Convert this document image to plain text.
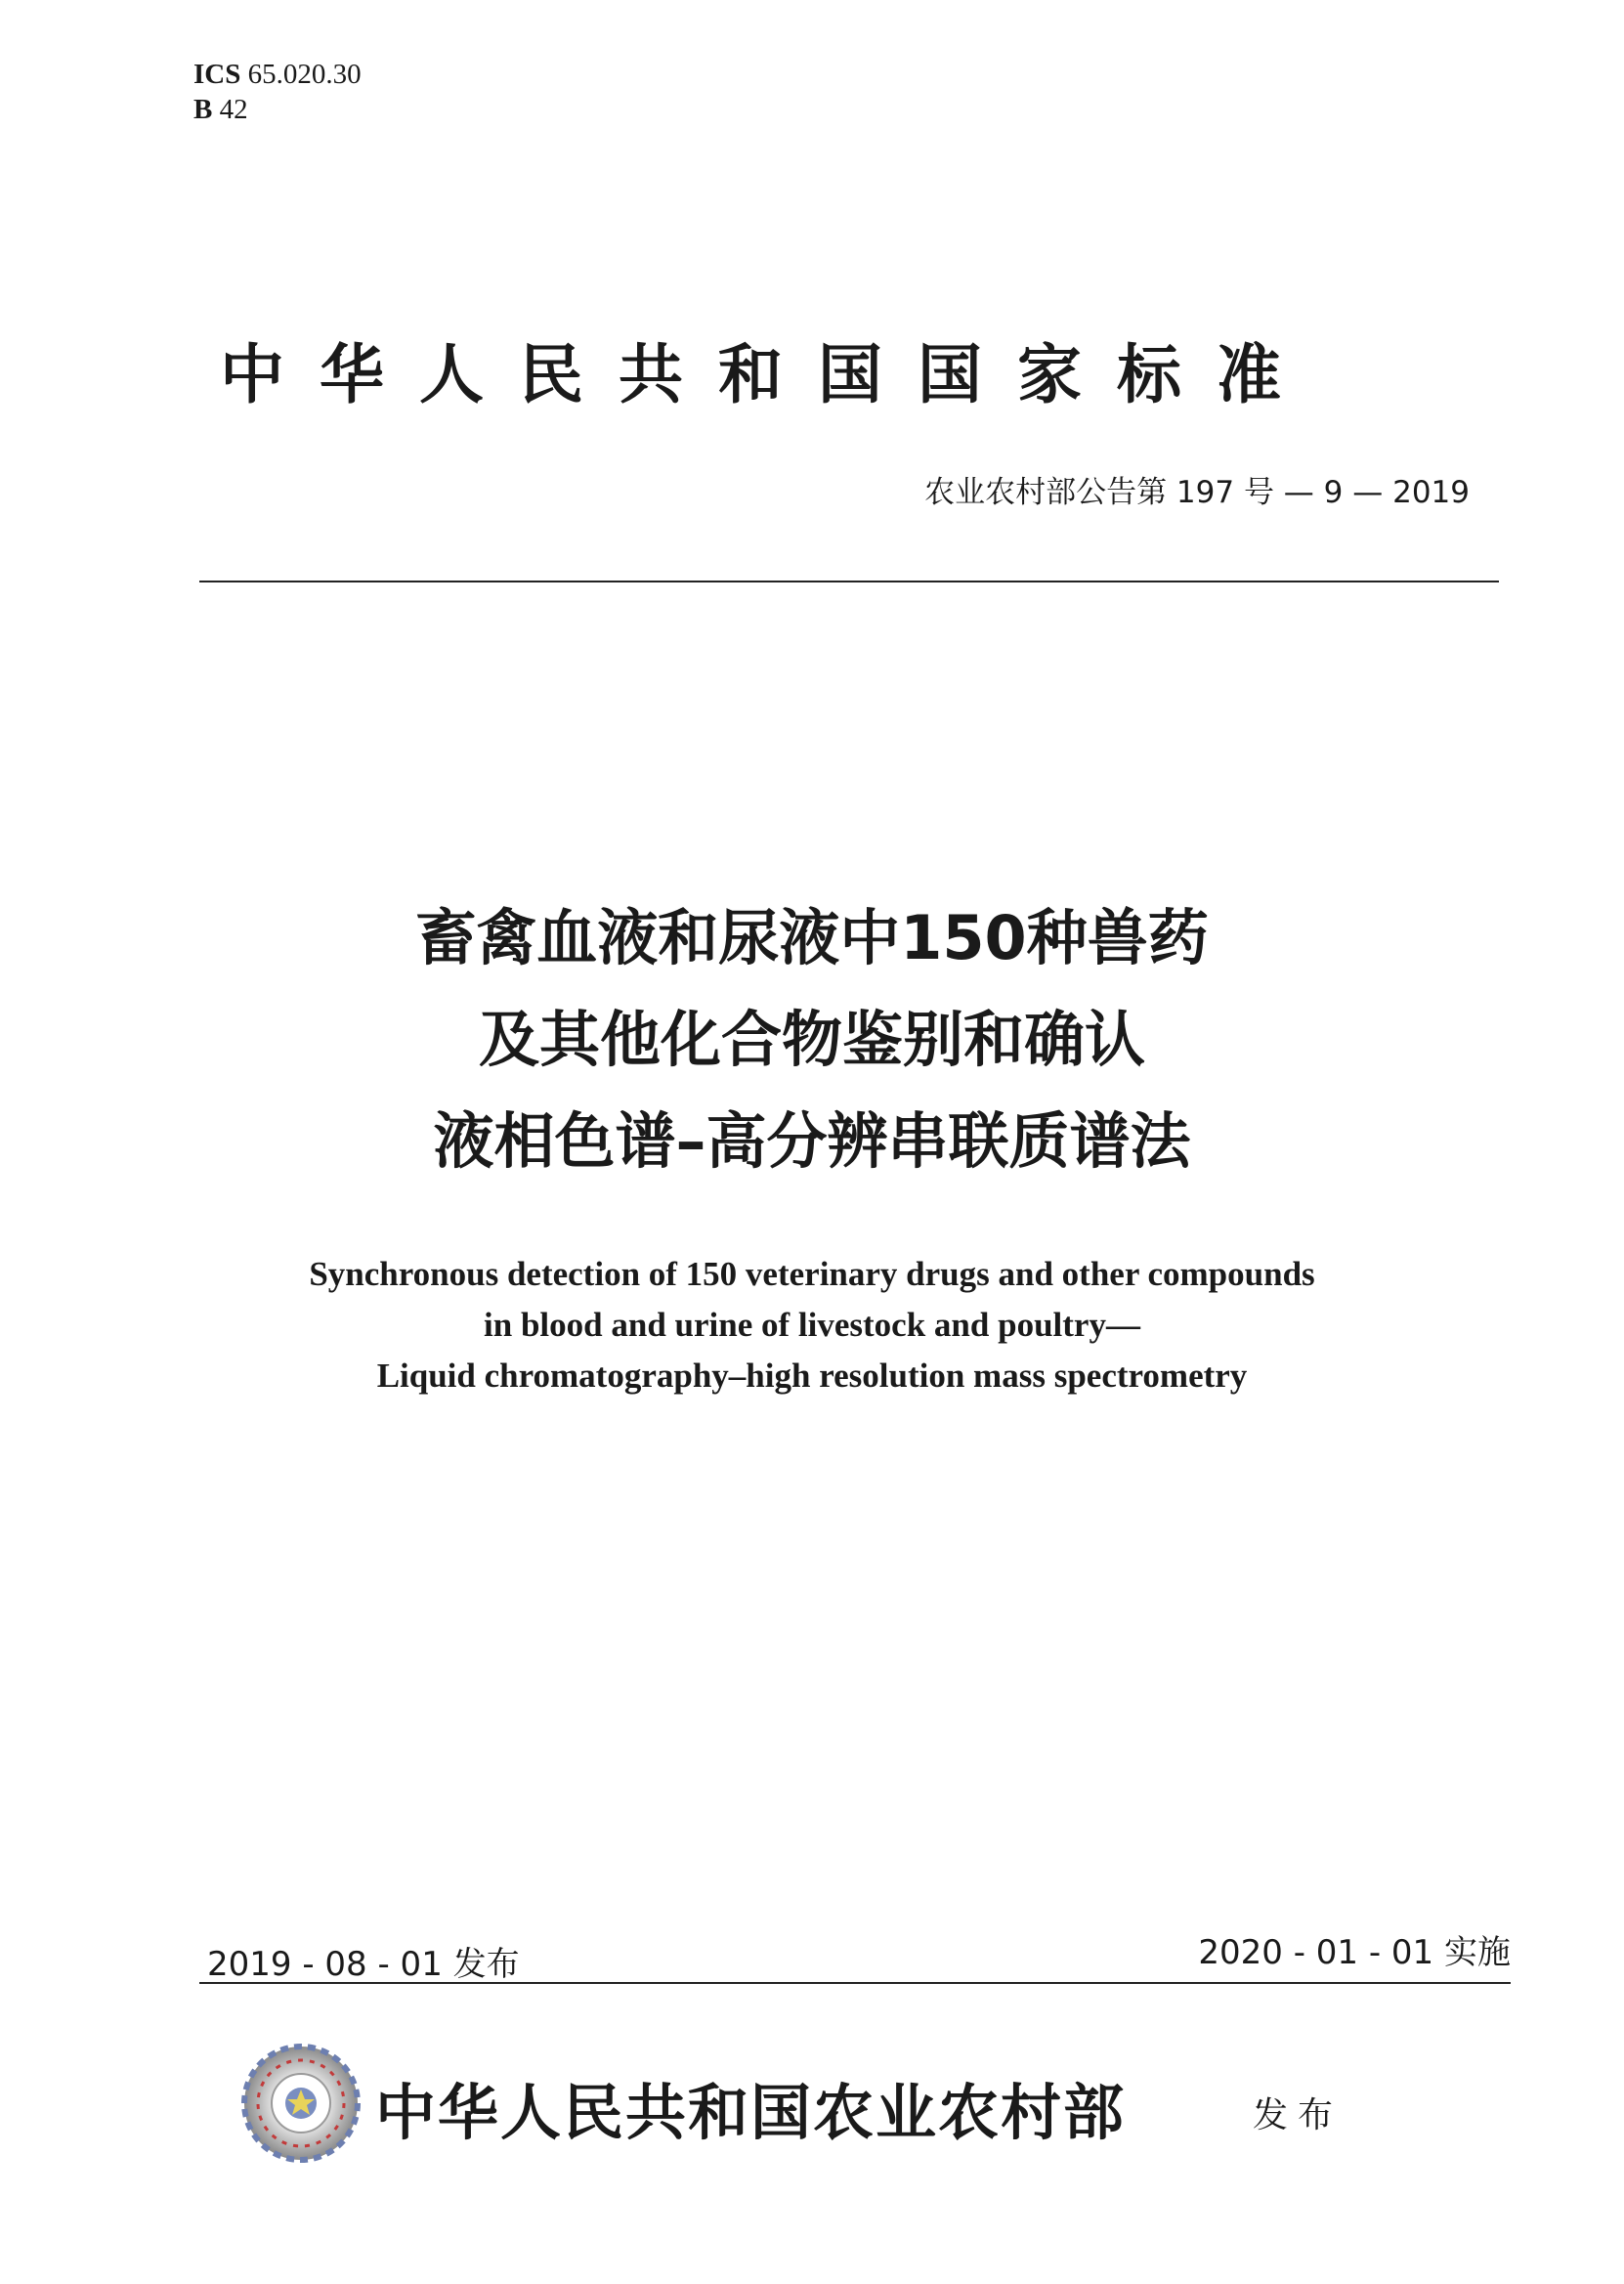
ICS 65.020.30
B 42
中华人民共和国国家标准
农业农村部公告第 197 号 — 9 — 2019
畜禽血液和尿液中150种兽药
及其他化合物鉴别和确认
液相色谱–高分辨串联质谱法
Synchronous detection of 150 veterinary drugs and other compounds
in blood and urine of livestock and poultry—
Liquid chromatography–high resolution mass spectrometry
2019 - 08 - 01 发布	2020 - 01 - 01 实施
中华人民共和国农业农村部	发布
